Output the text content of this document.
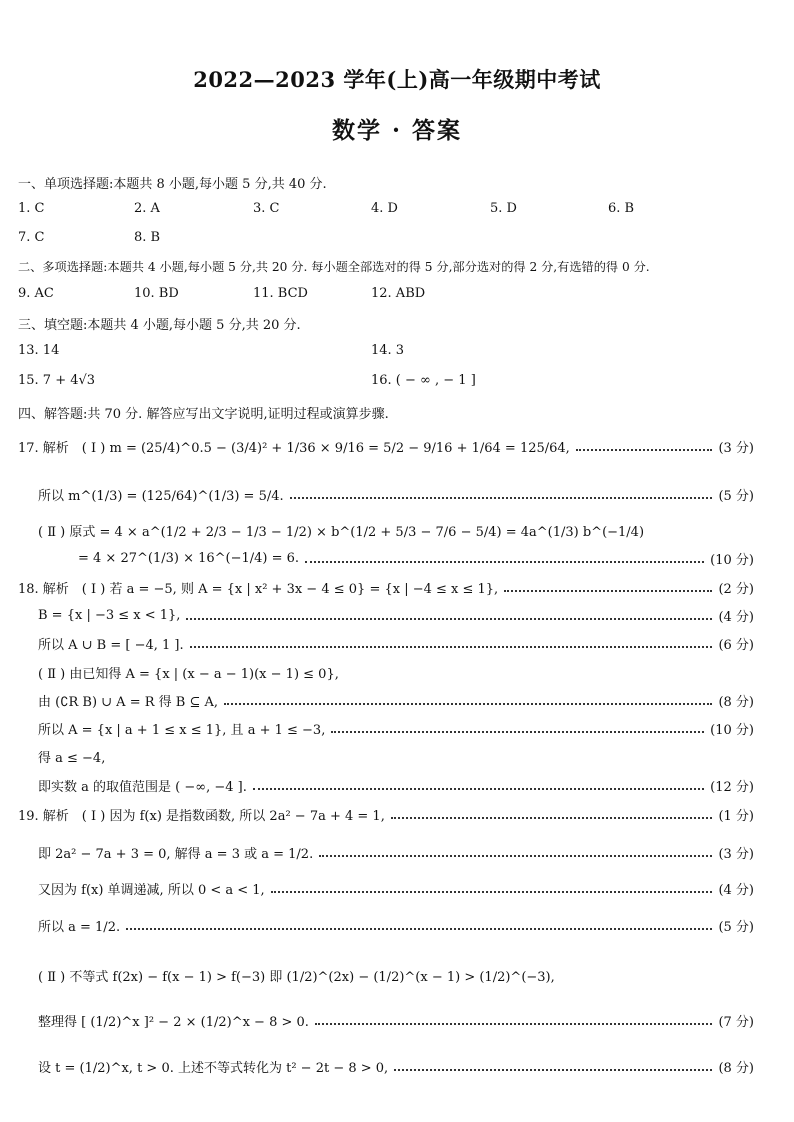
2022—2023 学年(上)高一年级期中考试
数学 · 答案
一、单项选择题:本题共 8 小题,每小题 5 分,共 40 分.
1. C	2. A	3. C	4. D	5. D	6. B
7. C	8. B
二、多项选择题:本题共 4 小题,每小题 5 分,共 20 分. 每小题全部选对的得 5 分,部分选对的得 2 分,有选错的得 0 分.
9. AC	10. BD	11. BCD	12. ABD
三、填空题:本题共 4 小题,每小题 5 分,共 20 分.
13. 14	14. 3
15. 7 + 4√3	16. ( − ∞ , − 1 ]
四、解答题:共 70 分. 解答应写出文字说明,证明过程或演算步骤.
17. 解析　( Ⅰ ) m = (25/4)^0.5 − (3/4)² + 1/36 × 9/16 = 5/2 − 9/16 + 1/64 = 125/64,	(3 分)
所以 m^(1/3) = (125/64)^(1/3) = 5/4.	(5 分)
( Ⅱ ) 原式 = 4 × a^(1/2 + 2/3 − 1/3 − 1/2) × b^(1/2 + 5/3 − 7/6 − 5/4) = 4a^(1/3) b^(−1/4)
= 4 × 27^(1/3) × 16^(−1/4) = 6.	(10 分)
18. 解析　( Ⅰ ) 若 a = −5, 则 A = {x | x² + 3x − 4 ≤ 0} = {x | −4 ≤ x ≤ 1},	(2 分)
B = {x | −3 ≤ x < 1},	(4 分)
所以 A ∪ B = [ −4, 1 ].	(6 分)
( Ⅱ ) 由已知得 A = {x | (x − a − 1)(x − 1) ≤ 0},
由 (∁R B) ∪ A = R 得 B ⊆ A,	(8 分)
所以 A = {x | a + 1 ≤ x ≤ 1}, 且 a + 1 ≤ −3,	(10 分)
得 a ≤ −4,
即实数 a 的取值范围是 ( −∞, −4 ].	(12 分)
19. 解析　( Ⅰ ) 因为 f(x) 是指数函数, 所以 2a² − 7a + 4 = 1,	(1 分)
即 2a² − 7a + 3 = 0, 解得 a = 3 或 a = 1/2.	(3 分)
又因为 f(x) 单调递减, 所以 0 < a < 1,	(4 分)
所以 a = 1/2.	(5 分)
( Ⅱ ) 不等式 f(2x) − f(x − 1) > f(−3) 即 (1/2)^(2x) − (1/2)^(x − 1) > (1/2)^(−3),
整理得 [ (1/2)^x ]² − 2 × (1/2)^x − 8 > 0.	(7 分)
设 t = (1/2)^x, t > 0. 上述不等式转化为 t² − 2t − 8 > 0,	(8 分)
